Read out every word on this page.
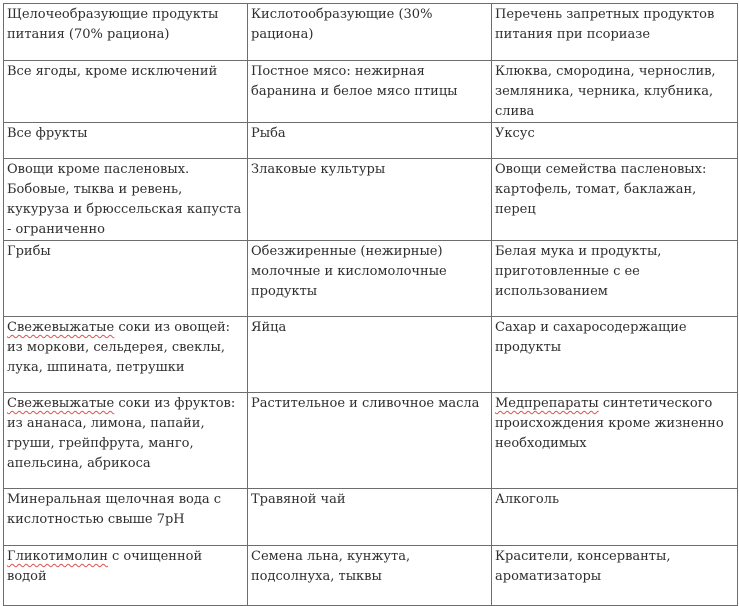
Щелочеобразующие продукты питания (70% рациона)	Кислотообразующие (30% рациона)	Перечень запретных продуктов питания при псориазе
Все ягоды, кроме исключений	Постное мясо: нежирная баранина и белое мясо птицы	Клюква, смородина, чернослив, земляника, черника, клубника, слива
Все фрукты	Рыба	Уксус
Овощи кроме пасленовых. Бобовые, тыква и ревень, кукуруза и брюссельская капуста - ограниченно	Злаковые культуры	Овощи семейства пасленовых: картофель, томат, баклажан, перец
Грибы	Обезжиренные (нежирные) молочные и кисломолочные продукты	Белая мука и продукты, приготовленные с ее использованием
Свежевыжатые соки из овощей: из моркови, сельдерея, свеклы, лука, шпината, петрушки	Яйца	Сахар и сахаросодержащие продукты
Свежевыжатые соки из фруктов: из ананаса, лимона, папайи, груши, грейпфрута, манго, апельсина, абрикоса	Растительное и сливочное масла	Медпрепараты синтетического происхождения кроме жизненно необходимых
Минеральная щелочная вода с кислотностью свыше 7рН	Травяной чай	Алкоголь
Гликотимолин с очищенной водой	Семена льна, кунжута, подсолнуха, тыквы	Красители, консерванты, ароматизаторы
